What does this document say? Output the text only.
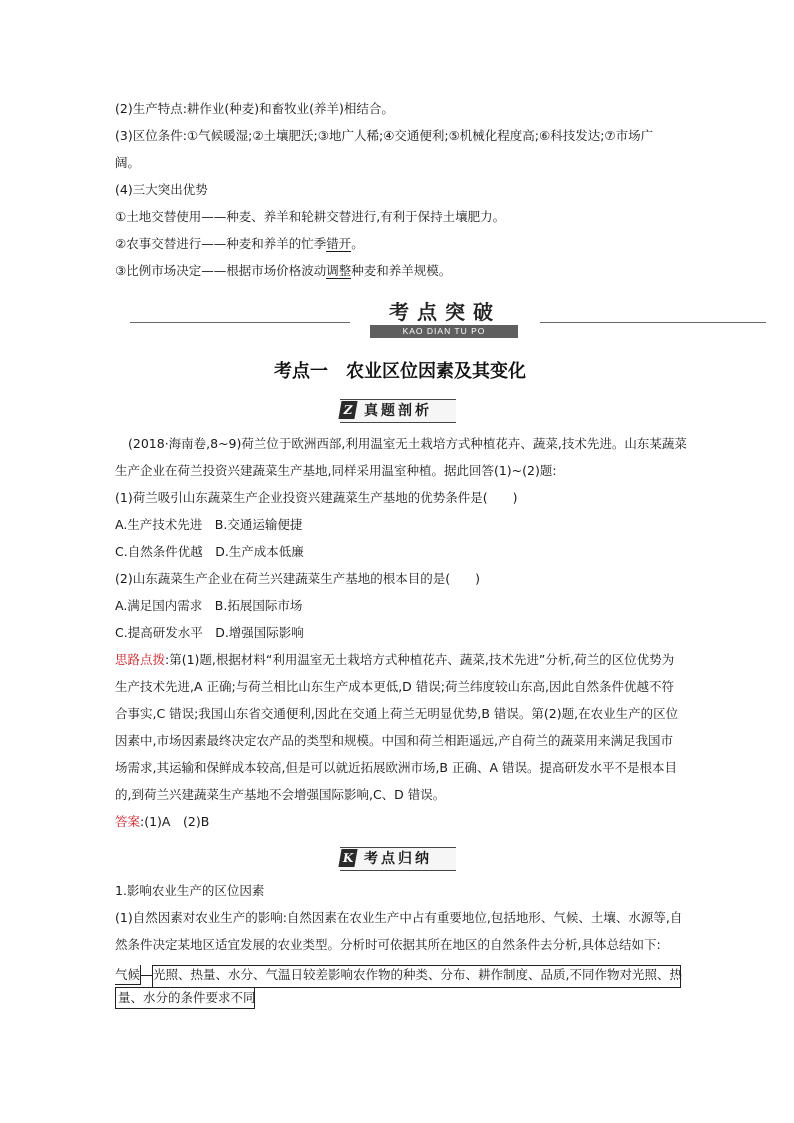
(2)生产特点:耕作业(种麦)和畜牧业(养羊)相结合。
(3)区位条件:①气候暖湿;②土壤肥沃;③地广人稀;④交通便利;⑤机械化程度高;⑥科技发达;⑦市场广
阔。
(4)三大突出优势
①土地交替使用——种麦、养羊和轮耕交替进行,有利于保持土壤肥力。
②农事交替进行——种麦和养羊的忙季错开。
③比例市场决定——根据市场价格波动调整种麦和养羊规模。
考点突破
KAO DIAN TU PO
考点一　农业区位因素及其变化
Z 真题剖析
(2018·海南卷,8~9)荷兰位于欧洲西部,利用温室无土栽培方式种植花卉、蔬菜,技术先进。山东某蔬菜
生产企业在荷兰投资兴建蔬菜生产基地,同样采用温室种植。据此回答(1)~(2)题:
(1)荷兰吸引山东蔬菜生产企业投资兴建蔬菜生产基地的优势条件是(　　)
A.生产技术先进　B.交通运输便捷
C.自然条件优越　D.生产成本低廉
(2)山东蔬菜生产企业在荷兰兴建蔬菜生产基地的根本目的是(　　)
A.满足国内需求　B.拓展国际市场
C.提高研发水平　D.增强国际影响
思路点拨:第(1)题,根据材料“利用温室无土栽培方式种植花卉、蔬菜,技术先进”分析,荷兰的区位优势为
生产技术先进,A 正确;与荷兰相比山东生产成本更低,D 错误;荷兰纬度较山东高,因此自然条件优越不符
合事实,C 错误;我国山东省交通便利,因此在交通上荷兰无明显优势,B 错误。第(2)题,在农业生产的区位
因素中,市场因素最终决定农产品的类型和规模。中国和荷兰相距遥远,产自荷兰的蔬菜用来满足我国市
场需求,其运输和保鲜成本较高,但是可以就近拓展欧洲市场,B 正确、A 错误。提高研发水平不是根本目
的,到荷兰兴建蔬菜生产基地不会增强国际影响,C、D 错误。
答案:(1)A　(2)B
K 考点归纳
1.影响农业生产的区位因素
(1)自然因素对农业生产的影响:自然因素在农业生产中占有重要地位,包括地形、气候、土壤、水源等,自
然条件决定某地区适宜发展的农业类型。分析时可依据其所在地区的自然条件去分析,具体总结如下:
气候 光照、热量、水分、气温日较差影响农作物的种类、分布、耕作制度、品质,不同作物对光照、热
量、水分的条件要求不同
